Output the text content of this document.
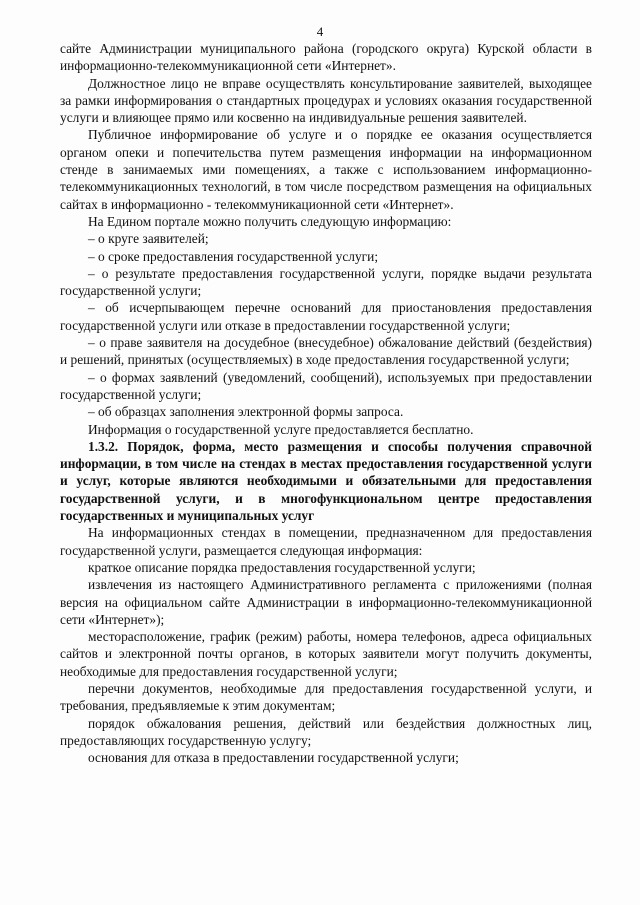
4

сайте Администрации муниципального района (городского округа) Курской области в информационно-телекоммуникационной сети «Интернет».

Должностное лицо не вправе осуществлять консультирование заявителей, выходящее за рамки информирования о стандартных процедурах и условиях оказания государственной услуги и влияющее прямо или косвенно на индивидуальные решения заявителей.

Публичное информирование об услуге и о порядке ее оказания осуществляется органом опеки и попечительства путем размещения информации на информационном стенде в занимаемых ими помещениях, а также с использованием информационно-телекоммуникационных технологий, в том числе посредством размещения на официальных сайтах в информационно - телекоммуникационной сети «Интернет».

На Едином портале можно получить следующую информацию:

– о круге заявителей;

– о сроке предоставления государственной услуги;

– о результате предоставления государственной услуги, порядке выдачи результата государственной услуги;

– об исчерпывающем перечне оснований для приостановления предоставления государственной услуги или отказе в предоставлении государственной услуги;

– о праве заявителя на досудебное (внесудебное) обжалование действий (бездействия) и решений, принятых (осуществляемых) в ходе предоставления государственной услуги;

– о формах заявлений (уведомлений, сообщений), используемых при предоставлении государственной услуги;

– об образцах заполнения электронной формы запроса.

Информация о государственной услуге предоставляется бесплатно.

1.3.2. Порядок, форма, место размещения и способы получения справочной информации, в том числе на стендах в местах предоставления государственной услуги и услуг, которые являются необходимыми и обязательными для предоставления государственной услуги, и в многофункциональном центре предоставления государственных и муниципальных услуг

На информационных стендах в помещении, предназначенном для предоставления государственной услуги, размещается следующая информация:

краткое описание порядка предоставления государственной услуги;

извлечения из настоящего Административного регламента с приложениями (полная версия на официальном сайте Администрации в информационно-телекоммуникационной сети «Интернет»);

месторасположение, график (режим) работы, номера телефонов, адреса официальных сайтов и электронной почты органов, в которых заявители могут получить документы, необходимые для предоставления государственной услуги;

перечни документов, необходимые для предоставления государственной услуги, и требования, предъявляемые к этим документам;

порядок обжалования решения, действий или бездействия должностных лиц, предоставляющих государственную услугу;

основания для отказа в предоставлении государственной услуги;
